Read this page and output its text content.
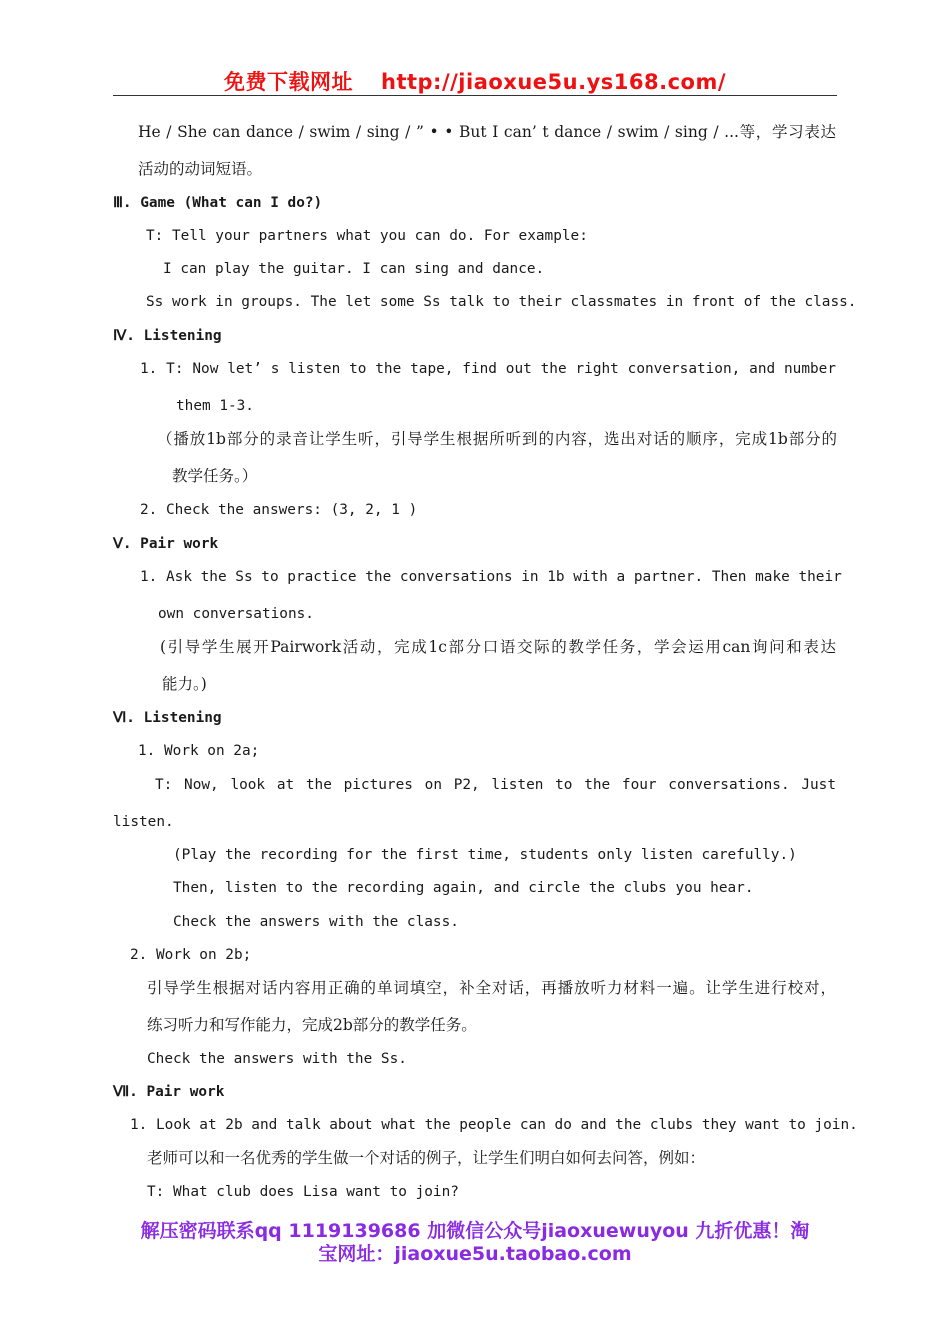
免费下载网址 http://jiaoxue5u.ys168.com/
He / She can dance / swim / sing / ” • • But I can’ t dance / swim / sing / ...等，学习表达
活动的动词短语。
Ⅲ. Game (What can I do?)
T: Tell your partners what you can do. For example:
I can play the guitar. I can sing and dance.
Ss work in groups. The let some Ss talk to their classmates in front of the class.
Ⅳ. Listening
1. T: Now let’ s listen to the tape, find out the right conversation, and number
them 1-3.
（播放1b部分的录音让学生听，引导学生根据所听到的内容，选出对话的顺序，完成1b部分的
教学任务。）
2. Check the answers: (3, 2, 1 )
Ⅴ. Pair work
1. Ask the Ss to practice the conversations in 1b with a partner. Then make their
own conversations.
(引导学生展开Pairwork活动，完成1c部分口语交际的教学任务，学会运用can询问和表达
能力。)
Ⅵ. Listening
1. Work on 2a;
T: Now, look at the pictures on P2, listen to the four conversations. Just
listen.
(Play the recording for the first time, students only listen carefully.)
Then, listen to the recording again, and circle the clubs you hear.
Check the answers with the class.
2. Work on 2b;
引导学生根据对话内容用正确的单词填空，补全对话，再播放听力材料一遍。让学生进行校对，
练习听力和写作能力，完成2b部分的教学任务。
Check the answers with the Ss.
Ⅶ. Pair work
1. Look at 2b and talk about what the people can do and the clubs they want to join.
老师可以和一名优秀的学生做一个对话的例子，让学生们明白如何去问答，例如：
T: What club does Lisa want to join?
解压密码联系qq 1119139686 加微信公众号jiaoxuewuyou 九折优惠！淘
宝网址：jiaoxue5u.taobao.com
